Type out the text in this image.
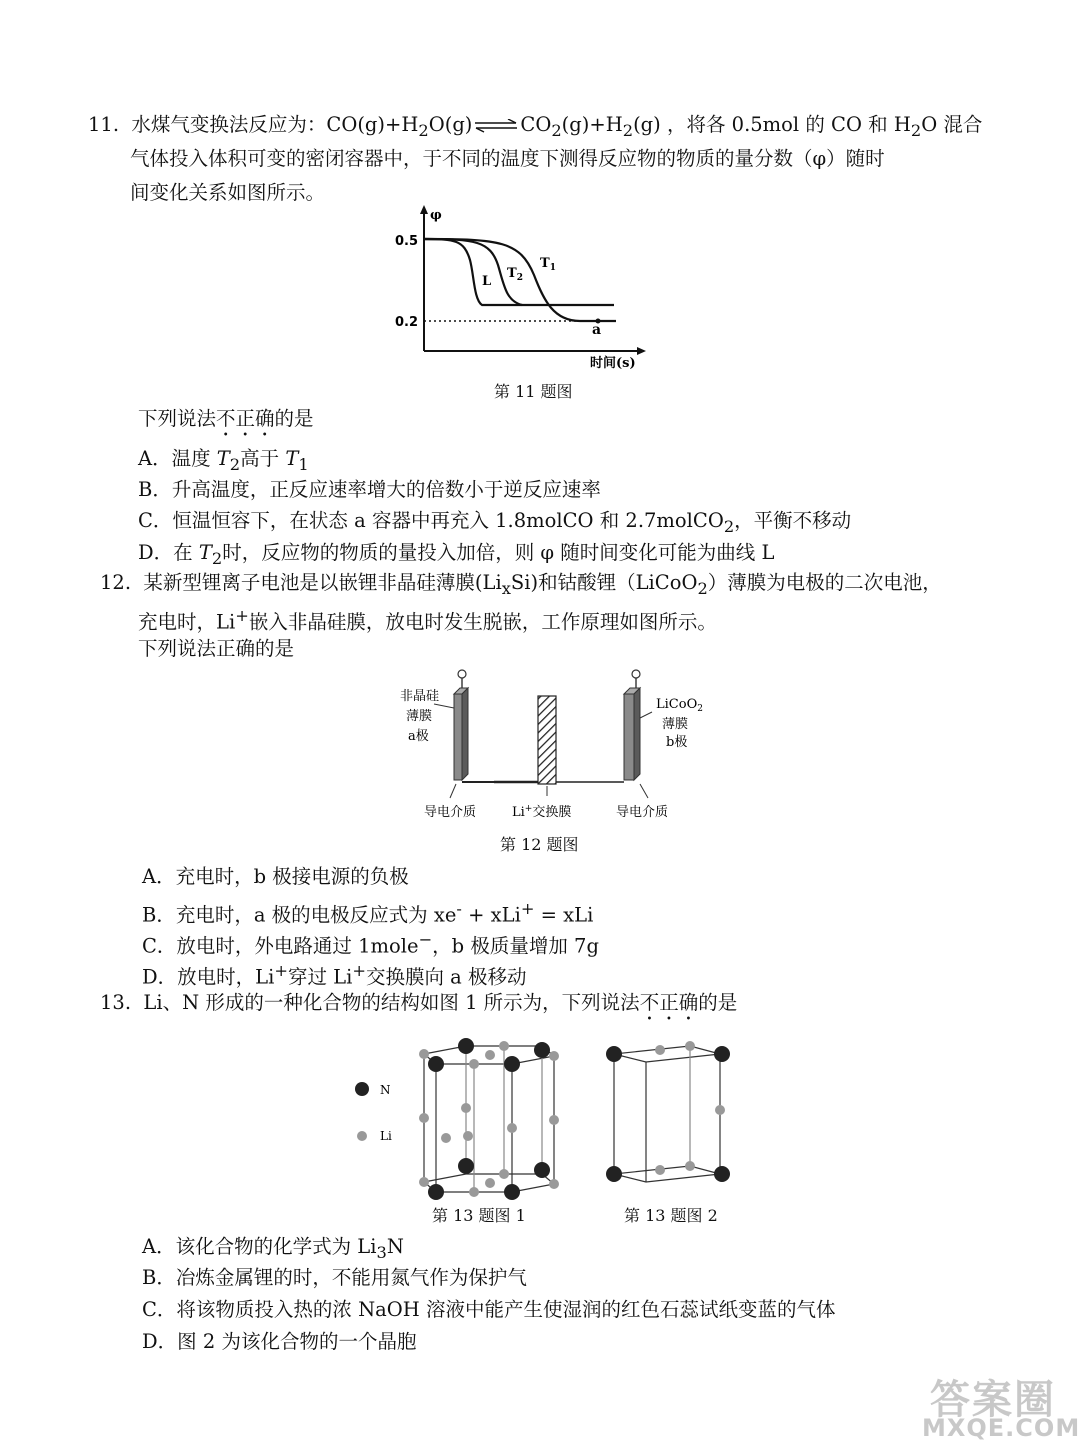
11. 水煤气变换法反应为：$CO(g)+H_2O(g)$ ⇌ $CO_2(g)+H_2(g)$ ，将各 0.5mol 的 CO 和 $H_2O$ 混合
气体投入体积可变的密闭容器中，于不同的温度下测得反应物的物质的量分数（φ）随时
间变化关系如图所示。
φ
0.5
0.2
L
$T_2$
$T_1$
a
时间(s)
第 11 题图
下列说法不正确的是
A．温度 $T_2$高于 $T_1$
B．升高温度，正反应速率增大的倍数小于逆反应速率
C．恒温恒容下，在状态 a 容器中再充入 1.8molCO 和 2.7molCO$_2$，平衡不移动
D．在 $T_2$时，反应物的物质的量投入加倍，则 φ 随时间变化可能为曲线 L
12. 某新型锂离子电池是以嵌锂非晶硅薄膜$(Li_xSi)$和钴酸锂（LiCoO$_2$）薄膜为电极的二次电池，
充电时，Li+嵌入非晶硅膜，放电时发生脱嵌，工作原理如图所示。
下列说法正确的是
非晶硅
薄膜
a极
LiCoO$_2$
薄膜
b极
导电介质	Li+交换膜	导电介质
第 12 题图
A．充电时，b 极接电源的负极
B．充电时，a 极的电极反应式为 xe- + xLi+ = xLi
C．放电时，外电路通过 1mole−，b 极质量增加 7g
D．放电时，Li+穿过 Li+交换膜向 a 极移动
13. Li、N 形成的一种化合物的结构如图 1 所示为，下列说法不正确的是
N
Li
第 13 题图 1	第 13 题图 2
A．该化合物的化学式为 $Li_3N$
B．冶炼金属锂的时，不能用氮气作为保护气
C．将该物质投入热的浓 NaOH 溶液中能产生使湿润的红色石蕊试纸变蓝的气体
D．图 2 为该化合物的一个晶胞
答案圈
MXQE.COM
